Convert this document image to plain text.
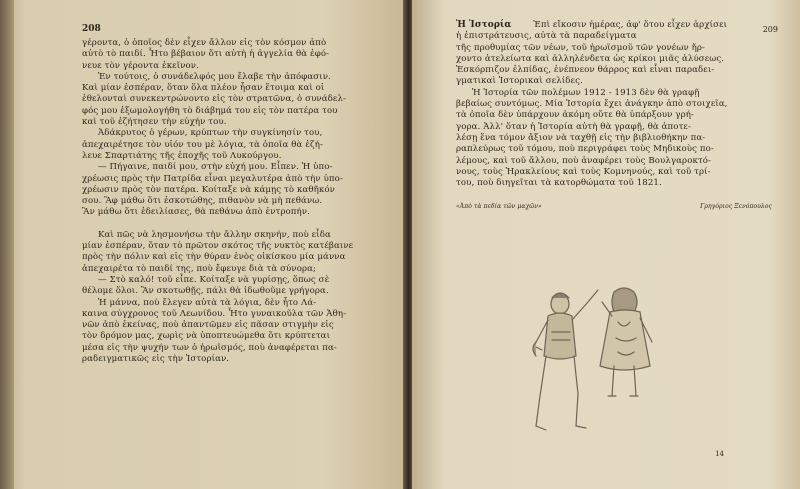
208

γέροντα, ὁ ὁποῖος δὲν εἶχεν ἄλλον εἰς τὸν κόσμον ἀπὸ

αὐτὸ τὸ παιδί. Ἦτο βέβαιον ὅτι αὐτὴ ἡ ἀγγελία θὰ ἐφό-

νευε τὸν γέροντα ἐκεῖνον.

Ἐν τούτοις, ὁ συνάδελφός μου ἔλαβε τὴν ἀπόφασιν.

Καὶ μίαν ἑσπέραν, ὅταν ὅλα πλέον ἦσαν ἕτοιμα καὶ οἱ

ἐθελονταὶ συνεκεντρώνοντο εἰς τὸν στρατῶνα, ὁ συνάδελ-

φός μου ἐξωμολογήθη τὸ διάβημά του εἰς τὸν πατέρα του

καὶ τοῦ ἐζήτησεν τὴν εὐχήν του.

Ἀδάκρυτος ὁ γέρων, κρύπτων τὴν συγκίνησίν του,

ἀπεχαιρέτησε τὸν υἱόν του μὲ λόγια, τὰ ὁποῖα θὰ ἐζή-

λευε Σπαρτιάτης τῆς ἐποχῆς τοῦ Λυκούργου.

— Πήγαινε, παιδί μου, στὴν εὐχή μου. Εἶπεν. Ἡ ὑπο-

χρέωσις πρὸς τὴν Πατρίδα εἶναι μεγαλυτέρα ἀπὸ τὴν ὑπο-

χρέωσιν πρὸς τὸν πατέρα. Κοίταξε νὰ κάμῃς τὸ καθῆκόν

σου. Ἂφ μάθω ὅτι ἐσκοτώθης, πιθανὸν νὰ μὴ πεθάνω.

Ἂν μάθω ὅτι ἐδειλίασες, θὰ πεθάνω ἀπὸ ἐντροπήν.

Καὶ πῶς νὰ λησμονήσω τὴν ἄλλην σκηνήν, ποὺ εἶδα

μίαν ἑσπέραν, ὅταν τὸ πρῶτον σκότος τῆς νυκτὸς κατέβαινε

πρὸς τὴν πόλιν καὶ εἰς τὴν θύραν ἑνὸς οἰκίσκου μία μάννα

ἀπεχαιρέτα τὸ παιδί της, ποὺ ἔφευγε διὰ τὰ σύνορα;

— Στὸ καλό! τοῦ εἶπε. Κοίταξε νὰ γυρίσῃς, ὅπως σὲ

θέλομε ὅλοι. Ἂν σκοτωθῇς, πάλι θὰ ἰδωθοῦμε γρήγορα.

Ἡ μάννα, ποὺ ἔλεγεν αὐτὰ τὰ λόγια, δὲν ἦτο Λά-

καινα σύγχρονος τοῦ Λεωνίδου. Ἦτο γυναικοῦλα τῶν Ἀθη-

νῶν ἀπὸ ἐκείνας, ποὺ ἀπαντῶμεν εἰς πᾶσαν στιγμὴν εἰς

τὸν δρόμον μας, χωρὶς νὰ ὑποπτευώμεθα ὅτι κρύπτεται

μέσα εἰς τὴν ψυχήν των ὁ ἡρωϊσμός, ποὺ ἀναφέρεται πα-

ραδειγματικῶς εἰς τὴν Ἱστορίαν.

209
Ἡ Ἱστορία	Ἐπὶ εἴκοσιν ἡμέρας, ἀφ' ὅτου εἶχεν ἀρχίσει

ἡ ἐπιστράτευσις, αὐτὰ τὰ παραδείγματα

τῆς προθυμίας τῶν νέων, τοῦ ἡρωϊσμοῦ τῶν γονέων ἤρ-

χοντο ἀτελείωτα καὶ ἀλληλένδετα ὡς κρίκοι μιᾶς ἁλύσεως.

Ἐσκόρπιζον ἐλπίδας, ἐνέπνεον θάρρος καὶ εἶναι παραδει-

γματικαὶ Ἱστορικαὶ σελίδες.

Ἡ Ἱστορία τῶν πολέμων 1912 - 1913 δὲν θὰ γραφῇ

βεβαίως συντόμως. Μία Ἱστορία ἔχει ἀνάγκην ἀπὸ στοιχεῖα,

τὰ ὁποῖα δὲν ὑπάρχουν ἀκόμη οὔτε θὰ ὑπάρξουν γρή-

γορα. Ἀλλ' ὅταν ἡ Ἱστορία αὐτὴ θὰ γραφῇ, θὰ ἀποτε-

λέσῃ ἕνα τόμον ἄξιον νὰ ταχθῇ εἰς τὴν βιβλιοθήκην πα-

ραπλεύρως τοῦ τόμου, ποὺ περιγράφει τοὺς Μηδικοὺς πο-

λέμους, καὶ τοῦ ἄλλου, ποὺ ἀναφέρει τοὺς Βουλγαροκτό-

νους, τοὺς Ἡρακλείους καὶ τοὺς Κομνηνούς, καὶ τοῦ τρί-

του, ποὺ διηγεῖται τὰ κατορθώματα τοῦ 1821.

«Ἀπὸ τὰ πεδία τῶν μαχῶν»	Γρηγόριος Ξενόπουλος
14
